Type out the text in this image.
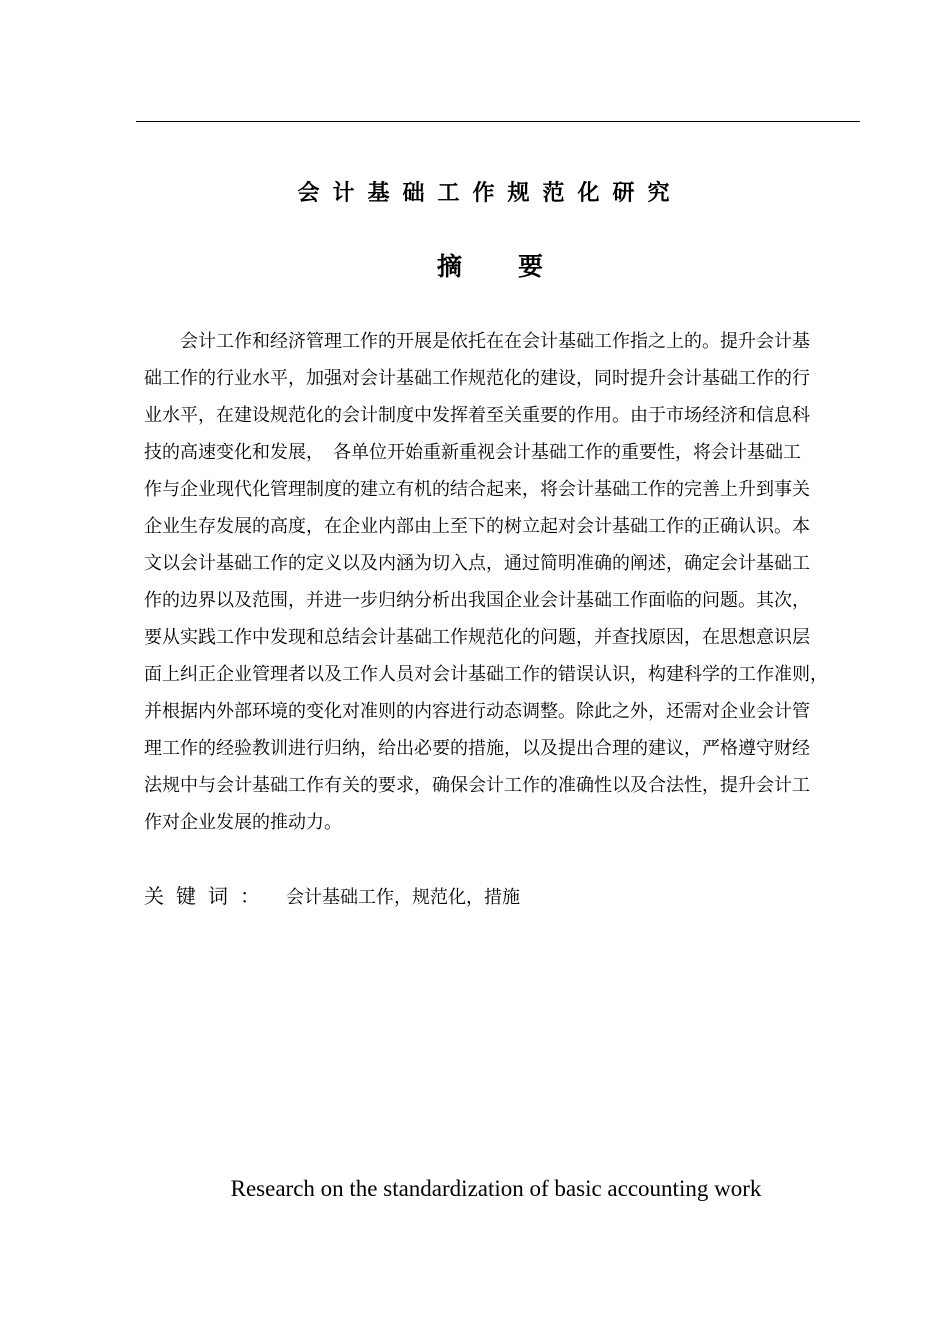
会计基础工作规范化研究
摘 要
　　会计工作和经济管理工作的开展是依托在在会计基础工作指之上的。提升会计基
础工作的行业水平，加强对会计基础工作规范化的建设，同时提升会计基础工作的行
业水平，在建设规范化的会计制度中发挥着至关重要的作用。由于市场经济和信息科
技的高速变化和发展，　各单位开始重新重视会计基础工作的重要性，将会计基础工
作与企业现代化管理制度的建立有机的结合起来，将会计基础工作的完善上升到事关
企业生存发展的高度，在企业内部由上至下的树立起对会计基础工作的正确认识。本
文以会计基础工作的定义以及内涵为切入点，通过简明准确的阐述，确定会计基础工
作的边界以及范围，并进一步归纳分析出我国企业会计基础工作面临的问题。其次，
要从实践工作中发现和总结会计基础工作规范化的问题，并查找原因，在思想意识层
面上纠正企业管理者以及工作人员对会计基础工作的错误认识，构建科学的工作准则，
并根据内外部环境的变化对准则的内容进行动态调整。除此之外，还需对企业会计管
理工作的经验教训进行归纳，给出必要的措施，以及提出合理的建议，严格遵守财经
法规中与会计基础工作有关的要求，确保会计工作的准确性以及合法性，提升会计工
作对企业发展的推动力。
关键词： 会计基础工作，规范化，措施
Research on the standardization of basic accounting work
